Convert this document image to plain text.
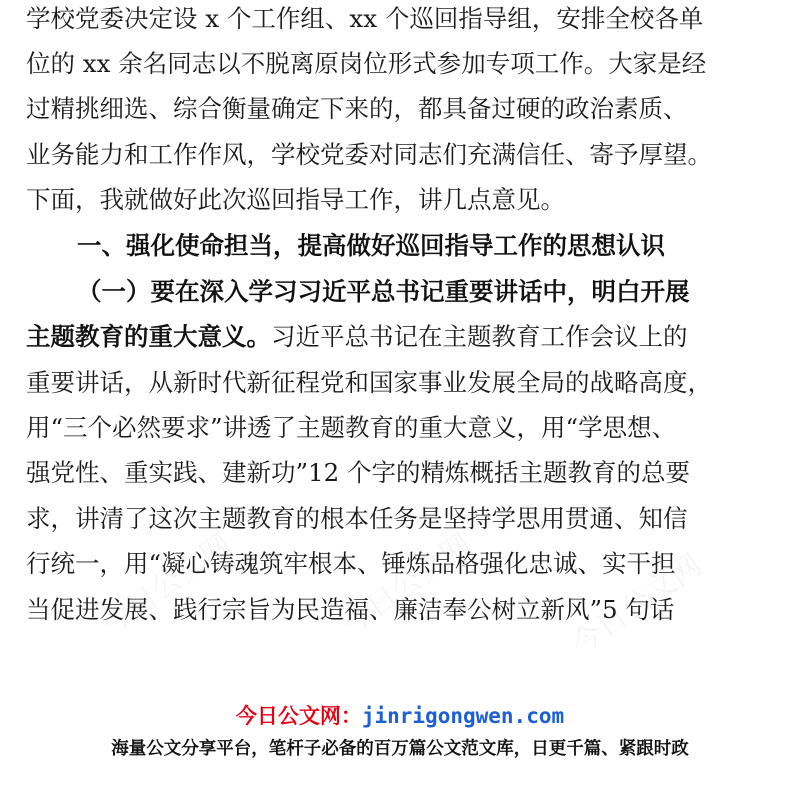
学校党委决定设 x 个工作组、xx 个巡回指导组，安排全校各单
位的 xx 余名同志以不脱离原岗位形式参加专项工作。大家是经
过精挑细选、综合衡量确定下来的，都具备过硬的政治素质、
业务能力和工作作风，学校党委对同志们充满信任、寄予厚望。
下面，我就做好此次巡回指导工作，讲几点意见。
一、强化使命担当，提高做好巡回指导工作的思想认识
（一）要在深入学习习近平总书记重要讲话中，明白开展
主题教育的重大意义。习近平总书记在主题教育工作会议上的
重要讲话，从新时代新征程党和国家事业发展全局的战略高度，
用“三个必然要求”讲透了主题教育的重大意义，用“学思想、
强党性、重实践、建新功”12 个字的精炼概括主题教育的总要
求，讲清了这次主题教育的根本任务是坚持学思用贯通、知信
行统一，用“凝心铸魂筑牢根本、锤炼品格强化忠诚、实干担
当促进发展、践行宗旨为民造福、廉洁奉公树立新风”5 句话
今日公文网：jinrigongwen.com
海量公文分享平台，笔杆子必备的百万篇公文范文库，日更千篇、紧跟时政
